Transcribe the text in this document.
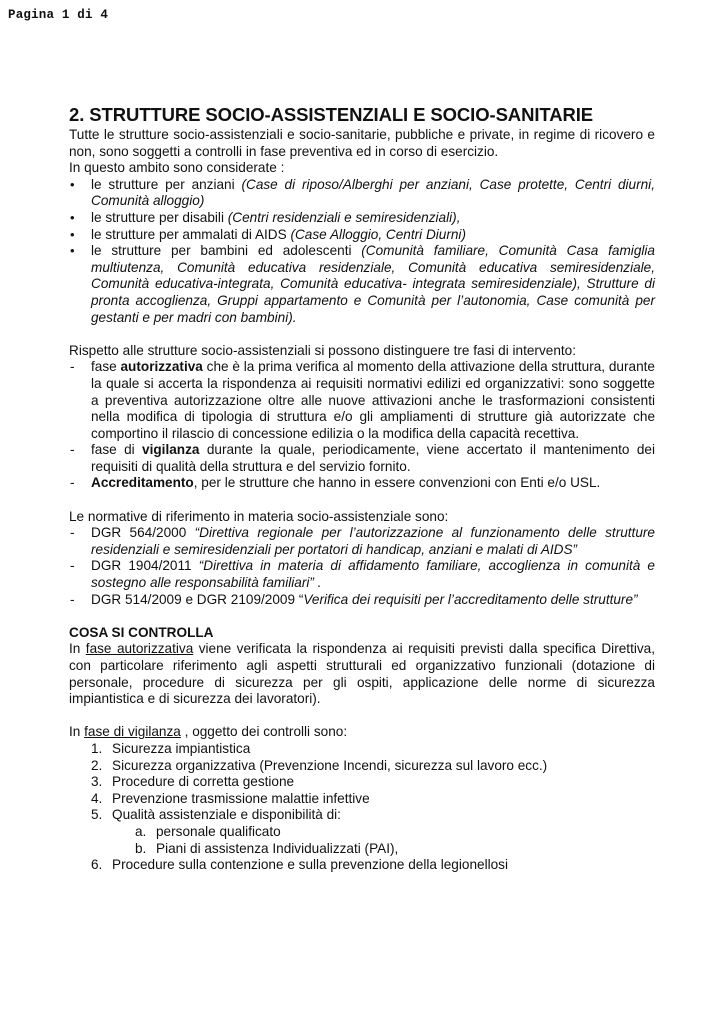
Pagina 1 di 4
2. STRUTTURE SOCIO-ASSISTENZIALI E SOCIO-SANITARIE

Tutte le strutture socio-assistenziali e socio-sanitarie, pubbliche e private, in regime di ricovero e non, sono soggetti a controlli in fase preventiva ed in corso di esercizio.

In questo ambito sono considerate :

• le strutture per anziani (Case di riposo/Alberghi per anziani, Case protette, Centri diurni, Comunità alloggio)
• le strutture per disabili (Centri residenziali e semiresidenziali),
• le strutture per ammalati di AIDS (Case Alloggio, Centri Diurni)
• le strutture per bambini ed adolescenti (Comunità familiare, Comunità Casa famiglia multiutenza, Comunità educativa residenziale, Comunità educativa semiresidenziale, Comunità educativa-integrata, Comunità educativa- integrata semiresidenziale), Strutture di pronta accoglienza, Gruppi appartamento e Comunità per l’autonomia, Case comunità per gestanti e per madri con bambini).

Rispetto alle strutture socio-assistenziali si possono distinguere tre fasi di intervento:

- fase autorizzativa che è la prima verifica al momento della attivazione della struttura, durante la quale si accerta la rispondenza ai requisiti normativi edilizi ed organizzativi: sono soggette a preventiva autorizzazione oltre alle nuove attivazioni anche le trasformazioni consistenti nella modifica di tipologia di struttura e/o gli ampliamenti di strutture già autorizzate che comportino il rilascio di concessione edilizia o la modifica della capacità recettiva.
- fase di vigilanza durante la quale, periodicamente, viene accertato il mantenimento dei requisiti di qualità della struttura e del servizio fornito.
- Accreditamento, per le strutture che hanno in essere convenzioni con Enti e/o USL.

Le normative di riferimento in materia socio-assistenziale sono:

- DGR 564/2000 “Direttiva regionale per l’autorizzazione al funzionamento delle strutture residenziali e semiresidenziali per portatori di handicap, anziani e malati di AIDS”
- DGR 1904/2011 “Direttiva in materia di affidamento familiare, accoglienza in comunità e sostegno alle responsabilità familiari” .
- DGR 514/2009 e DGR 2109/2009 “Verifica dei requisiti per l’accreditamento delle strutture”
COSA SI CONTROLLA

In fase autorizzativa viene verificata la rispondenza ai requisiti previsti dalla specifica Direttiva, con particolare riferimento agli aspetti strutturali ed organizzativo funzionali (dotazione di personale, procedure di sicurezza per gli ospiti, applicazione delle norme di sicurezza impiantistica e di sicurezza dei lavoratori).

In fase di vigilanza , oggetto dei controlli sono:

1. Sicurezza impiantistica
2. Sicurezza organizzativa (Prevenzione Incendi, sicurezza sul lavoro ecc.)
3. Procedure di corretta gestione
4. Prevenzione trasmissione malattie infettive
5. Qualità assistenziale e disponibilità di:
a. personale qualificato
b. Piani di assistenza Individualizzati (PAI),
6. Procedure sulla contenzione e sulla prevenzione della legionellosi
